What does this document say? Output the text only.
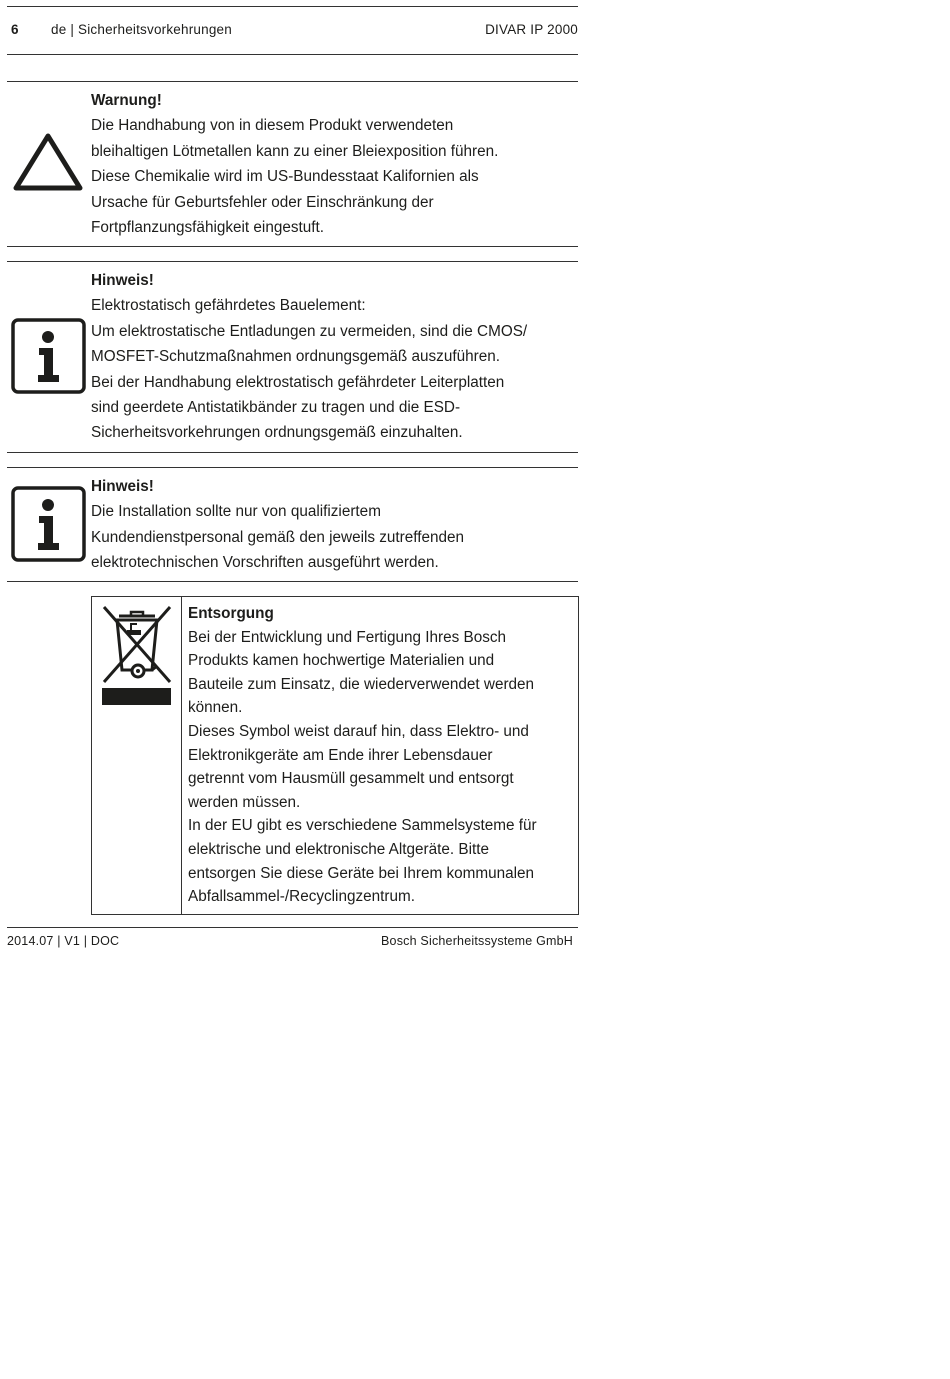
6 de | Sicherheitsvorkehrungen	DIVAR IP 2000
Warnung!

Die Handhabung von in diesem Produkt verwendeten

bleihaltigen Lötmetallen kann zu einer Bleiexposition führen.

Diese Chemikalie wird im US-Bundesstaat Kalifornien als

Ursache für Geburtsfehler oder Einschränkung der

Fortpflanzungsfähigkeit eingestuft.

Hinweis!

Elektrostatisch gefährdetes Bauelement:

Um elektrostatische Entladungen zu vermeiden, sind die CMOS/

MOSFET-Schutzmaßnahmen ordnungsgemäß auszuführen.

Bei der Handhabung elektrostatisch gefährdeter Leiterplatten

sind geerdete Antistatikbänder zu tragen und die ESD-

Sicherheitsvorkehrungen ordnungsgemäß einzuhalten.

Hinweis!

Die Installation sollte nur von qualifiziertem

Kundendienstpersonal gemäß den jeweils zutreffenden

elektrotechnischen Vorschriften ausgeführt werden.

Entsorgung

Bei der Entwicklung und Fertigung Ihres Bosch

Produkts kamen hochwertige Materialien und

Bauteile zum Einsatz, die wiederverwendet werden

können.

Dieses Symbol weist darauf hin, dass Elektro- und

Elektronikgeräte am Ende ihrer Lebensdauer

getrennt vom Hausmüll gesammelt und entsorgt

werden müssen.

In der EU gibt es verschiedene Sammelsysteme für

elektrische und elektronische Altgeräte. Bitte

entsorgen Sie diese Geräte bei Ihrem kommunalen

Abfallsammel-/Recyclingzentrum.

2014.07 | V1 | DOC	Bosch Sicherheitssysteme GmbH
